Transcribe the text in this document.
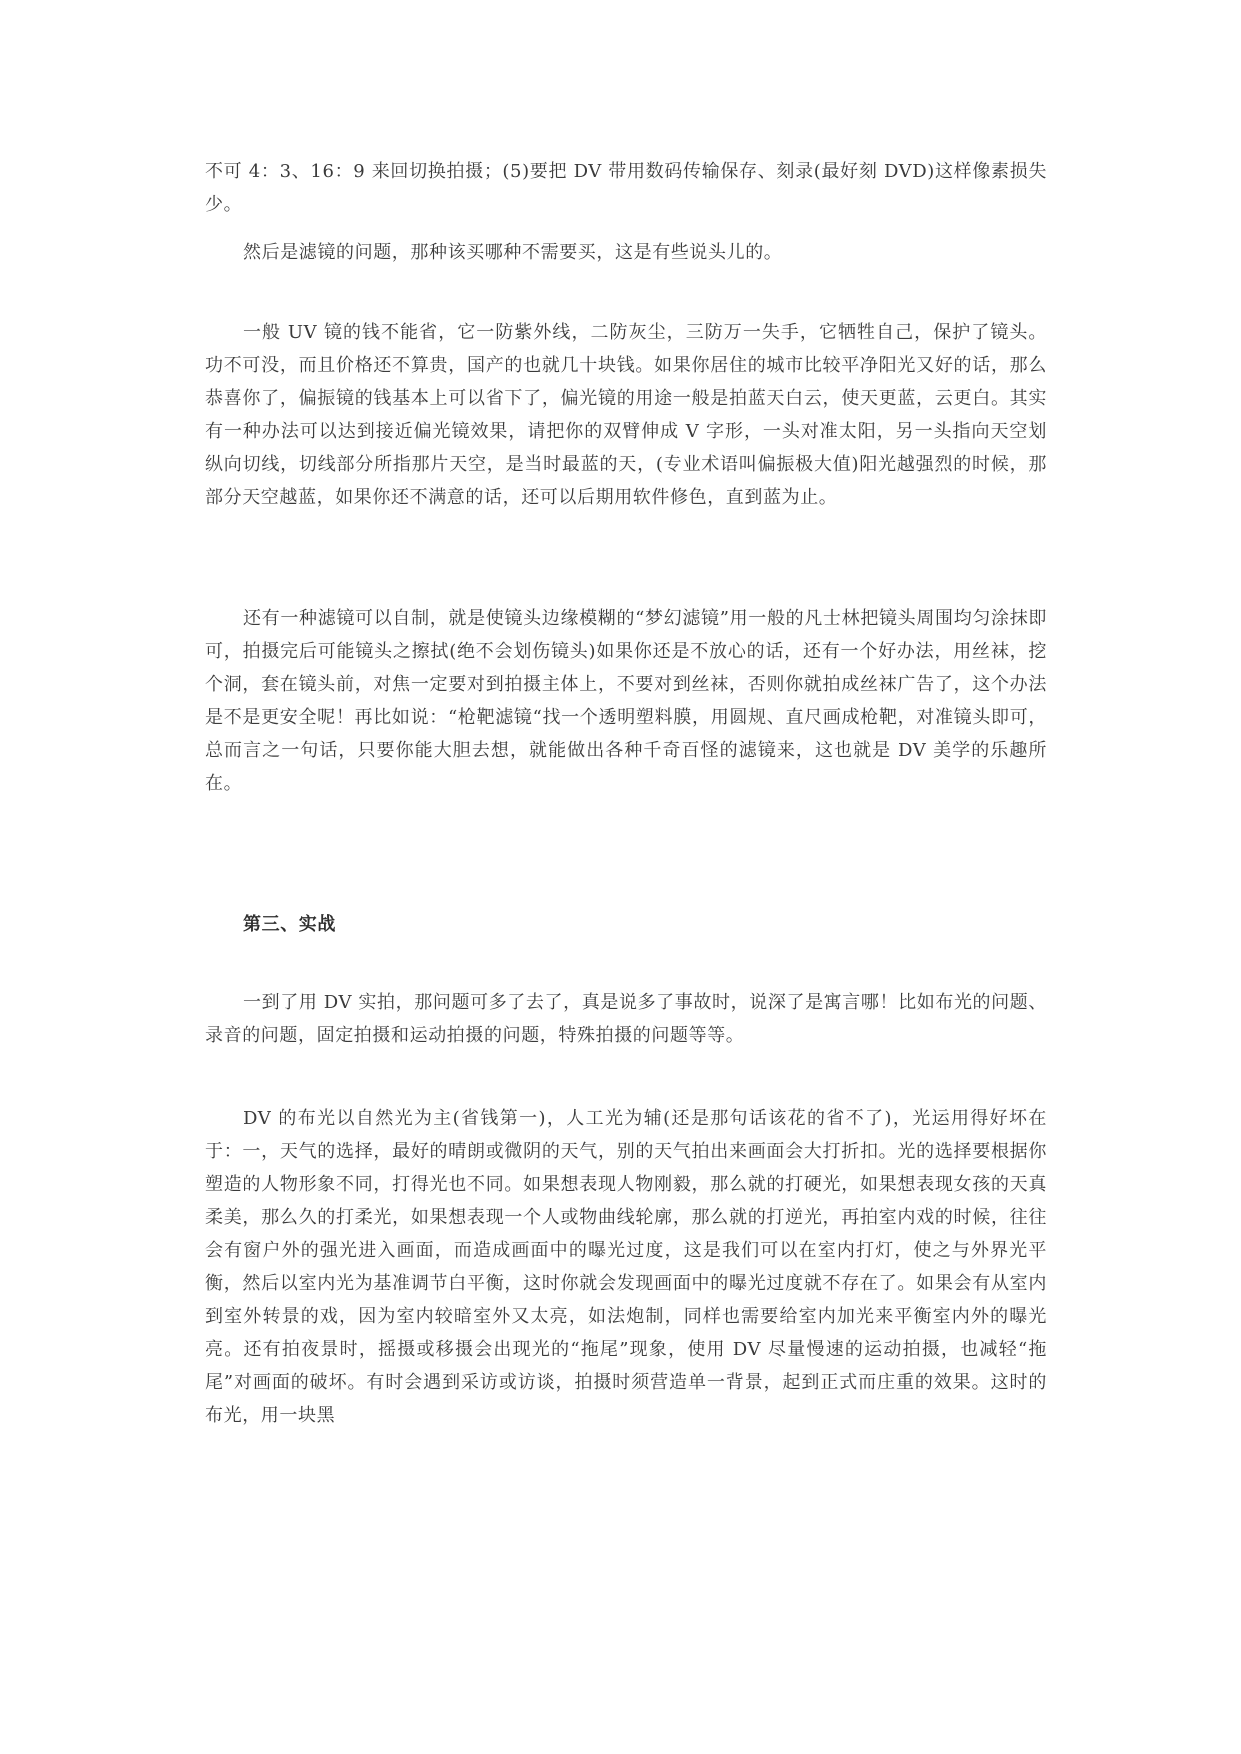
不可 4：3、16：9 来回切换拍摄；(5)要把 DV 带用数码传输保存、刻录(最好刻 DVD)这样像素损失少。

然后是滤镜的问题，那种该买哪种不需要买，这是有些说头儿的。

一般 UV 镜的钱不能省，它一防紫外线，二防灰尘，三防万一失手，它牺牲自己，保护了镜头。功不可没，而且价格还不算贵，国产的也就几十块钱。如果你居住的城市比较平净阳光又好的话，那么恭喜你了，偏振镜的钱基本上可以省下了，偏光镜的用途一般是拍蓝天白云，使天更蓝，云更白。其实有一种办法可以达到接近偏光镜效果，请把你的双臂伸成 V 字形，一头对准太阳，另一头指向天空划纵向切线，切线部分所指那片天空，是当时最蓝的天，(专业术语叫偏振极大值)阳光越强烈的时候，那部分天空越蓝，如果你还不满意的话，还可以后期用软件修色，直到蓝为止。

还有一种滤镜可以自制，就是使镜头边缘模糊的“梦幻滤镜”用一般的凡士林把镜头周围均匀涂抹即可，拍摄完后可能镜头之擦拭(绝不会划伤镜头)如果你还是不放心的话，还有一个好办法，用丝袜，挖个洞，套在镜头前，对焦一定要对到拍摄主体上，不要对到丝袜，否则你就拍成丝袜广告了，这个办法是不是更安全呢！再比如说：“枪靶滤镜“找一个透明塑料膜，用圆规、直尺画成枪靶，对准镜头即可，总而言之一句话，只要你能大胆去想，就能做出各种千奇百怪的滤镜来，这也就是 DV 美学的乐趣所在。

第三、实战

一到了用 DV 实拍，那问题可多了去了，真是说多了事故时，说深了是寓言哪！比如布光的问题、录音的问题，固定拍摄和运动拍摄的问题，特殊拍摄的问题等等。

DV 的布光以自然光为主(省钱第一)，人工光为辅(还是那句话该花的省不了)，光运用得好坏在于：一，天气的选择，最好的晴朗或微阴的天气，别的天气拍出来画面会大打折扣。光的选择要根据你塑造的人物形象不同，打得光也不同。如果想表现人物刚毅，那么就的打硬光，如果想表现女孩的天真柔美，那么久的打柔光，如果想表现一个人或物曲线轮廓，那么就的打逆光，再拍室内戏的时候，往往会有窗户外的强光进入画面，而造成画面中的曝光过度，这是我们可以在室内打灯，使之与外界光平衡，然后以室内光为基准调节白平衡，这时你就会发现画面中的曝光过度就不存在了。如果会有从室内到室外转景的戏，因为室内较暗室外又太亮，如法炮制，同样也需要给室内加光来平衡室内外的曝光亮。还有拍夜景时，摇摄或移摄会出现光的“拖尾”现象，使用 DV 尽量慢速的运动拍摄，也减轻“拖尾”对画面的破坏。有时会遇到采访或访谈，拍摄时须营造单一背景，起到正式而庄重的效果。这时的布光，用一块黑
